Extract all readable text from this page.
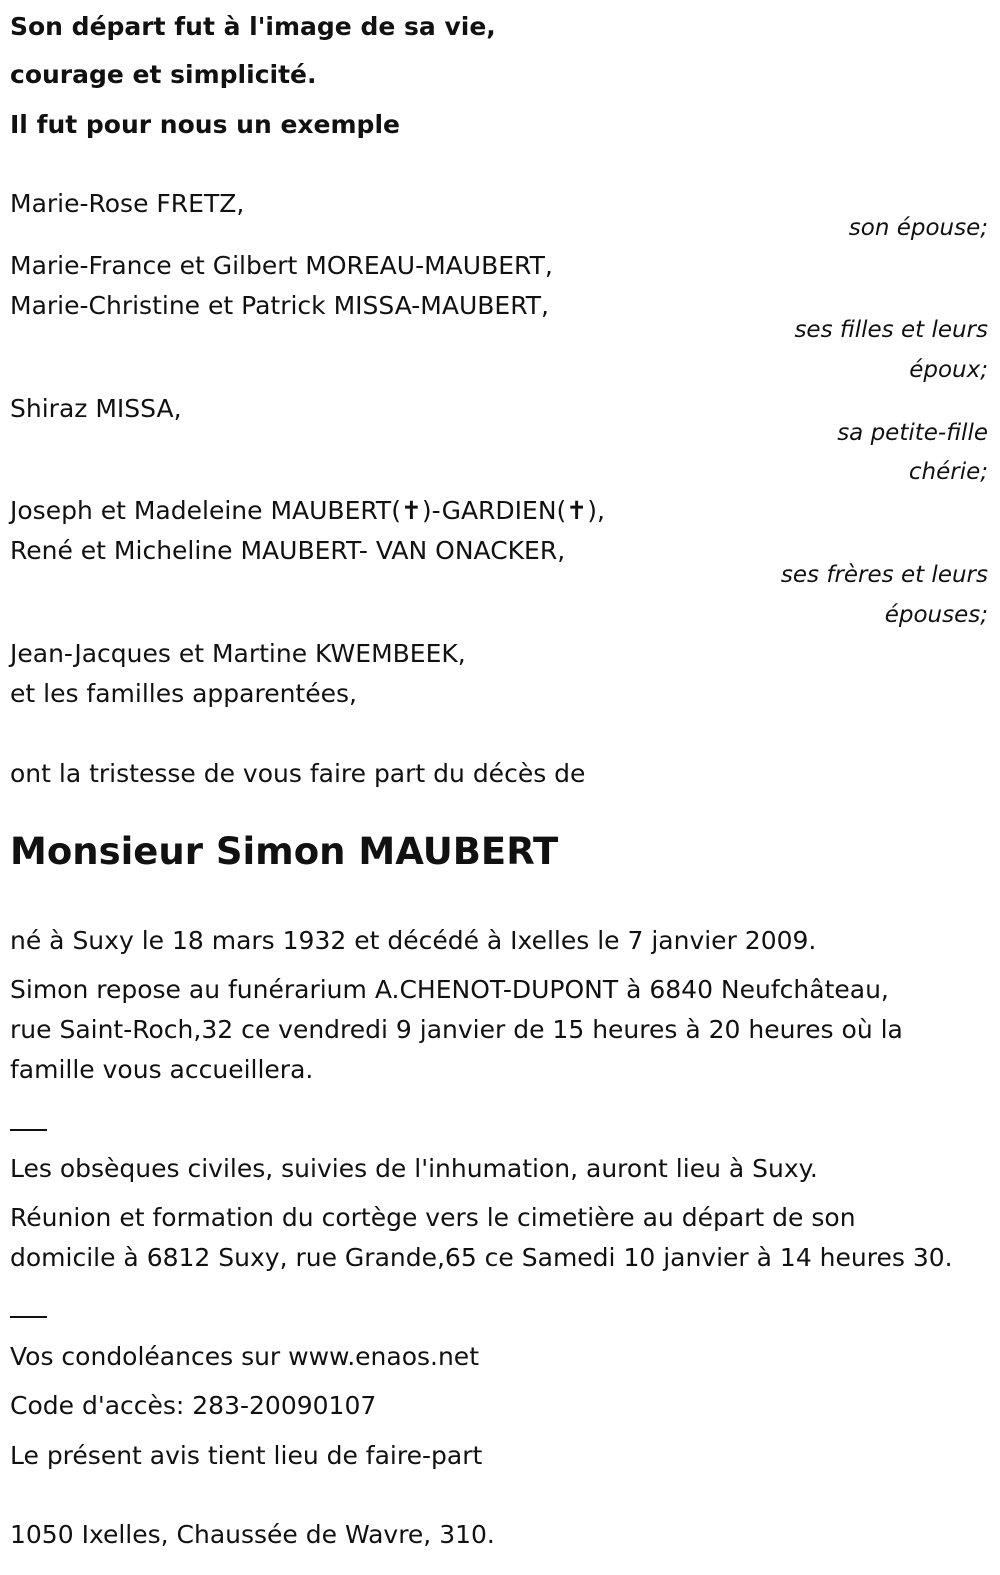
Son départ fut à l'image de sa vie,
courage et simplicité.
Il fut pour nous un exemple
Marie-Rose FRETZ,
son épouse;
Marie-France et Gilbert MOREAU-MAUBERT,
Marie-Christine et Patrick MISSA-MAUBERT,
ses filles et leurs
époux;
Shiraz MISSA,
sa petite-fille
chérie;
Joseph et Madeleine MAUBERT(✝)-GARDIEN(✝),
René et Micheline MAUBERT- VAN ONACKER,
ses frères et leurs
épouses;
Jean-Jacques et Martine KWEMBEEK,
et les familles apparentées,
ont la tristesse de vous faire part du décès de
Monsieur Simon MAUBERT
né à Suxy le 18 mars 1932 et décédé à Ixelles le 7 janvier 2009.
Simon repose au funérarium A.CHENOT-DUPONT à 6840 Neufchâteau,
rue Saint-Roch,32 ce vendredi 9 janvier de 15 heures à 20 heures où la
famille vous accueillera.
Les obsèques civiles, suivies de l'inhumation, auront lieu à Suxy.
Réunion et formation du cortège vers le cimetière au départ de son
domicile à 6812 Suxy, rue Grande,65 ce Samedi 10 janvier à 14 heures 30.
Vos condoléances sur www.enaos.net
Code d'accès: 283-20090107
Le présent avis tient lieu de faire-part
1050 Ixelles, Chaussée de Wavre, 310.
